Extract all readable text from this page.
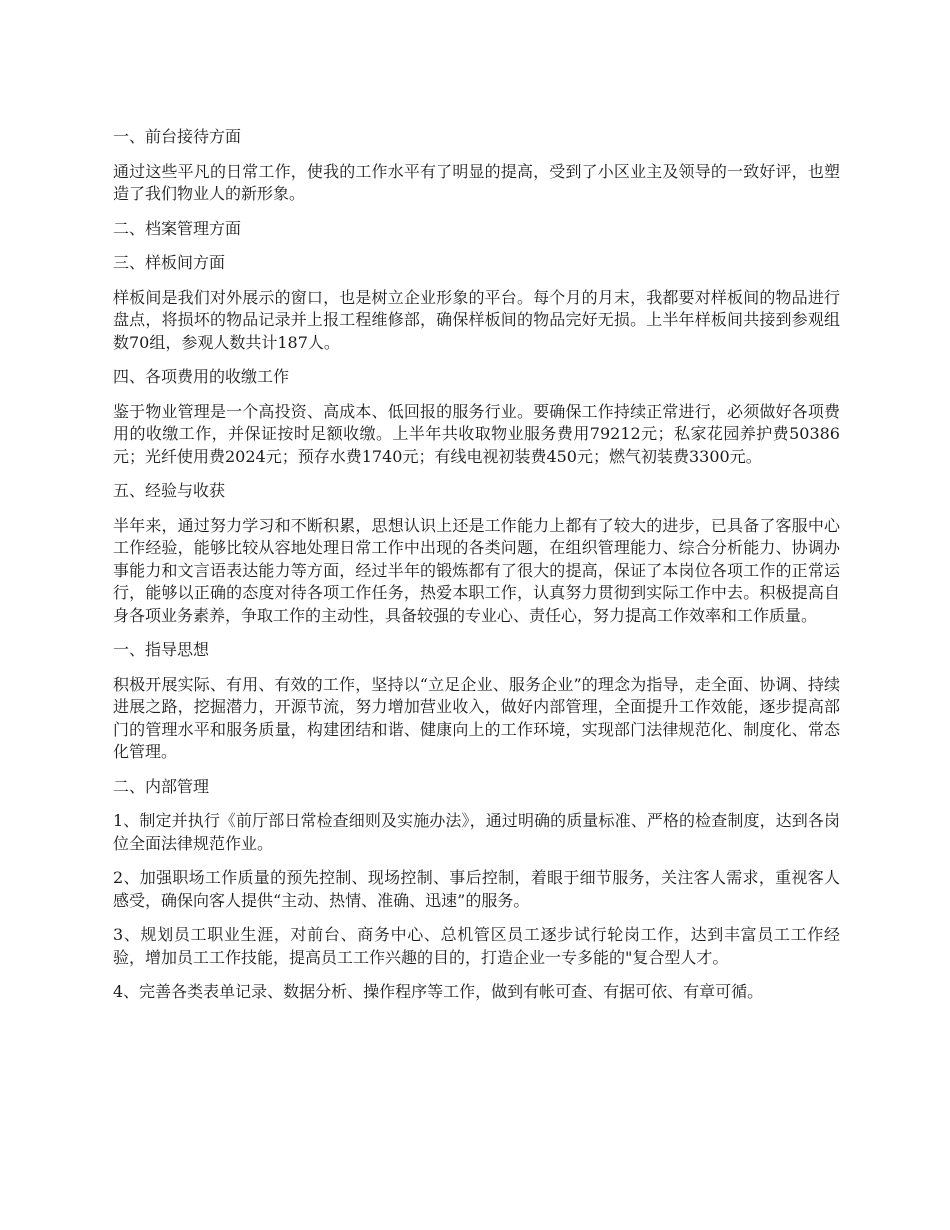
一、前台接待方面

通过这些平凡的日常工作，使我的工作水平有了明显的提高，受到了小区业主及领导的一致好评，也塑造了我们物业人的新形象。

二、档案管理方面

三、样板间方面

样板间是我们对外展示的窗口，也是树立企业形象的平台。每个月的月末，我都要对样板间的物品进行盘点，将损坏的物品记录并上报工程维修部，确保样板间的物品完好无损。上半年样板间共接到参观组数70组，参观人数共计187人。

四、各项费用的收缴工作

鉴于物业管理是一个高投资、高成本、低回报的服务行业。要确保工作持续正常进行，必须做好各项费用的收缴工作，并保证按时足额收缴。上半年共收取物业服务费用79212元；私家花园养护费50386元；光纤使用费2024元；预存水费1740元；有线电视初装费450元；燃气初装费3300元。

五、经验与收获

半年来，通过努力学习和不断积累，思想认识上还是工作能力上都有了较大的进步，已具备了客服中心工作经验，能够比较从容地处理日常工作中出现的各类问题，在组织管理能力、综合分析能力、协调办事能力和文言语表达能力等方面，经过半年的锻炼都有了很大的提高，保证了本岗位各项工作的正常运行，能够以正确的态度对待各项工作任务，热爱本职工作，认真努力贯彻到实际工作中去。积极提高自身各项业务素养，争取工作的主动性，具备较强的专业心、责任心，努力提高工作效率和工作质量。

一、指导思想

积极开展实际、有用、有效的工作，坚持以“立足企业、服务企业”的理念为指导，走全面、协调、持续进展之路，挖掘潜力，开源节流，努力增加营业收入，做好内部管理，全面提升工作效能，逐步提高部门的管理水平和服务质量，构建团结和谐、健康向上的工作环境，实现部门法律规范化、制度化、常态化管理。

二、内部管理

1、制定并执行《前厅部日常检查细则及实施办法》，通过明确的质量标准、严格的检查制度，达到各岗位全面法律规范作业。

2、加强职场工作质量的预先控制、现场控制、事后控制，着眼于细节服务，关注客人需求，重视客人感受，确保向客人提供“主动、热情、准确、迅速”的服务。

3、规划员工职业生涯，对前台、商务中心、总机管区员工逐步试行轮岗工作，达到丰富员工工作经验，增加员工工作技能，提高员工工作兴趣的目的，打造企业一专多能的"复合型人才。

4、完善各类表单记录、数据分析、操作程序等工作，做到有帐可查、有据可依、有章可循。
